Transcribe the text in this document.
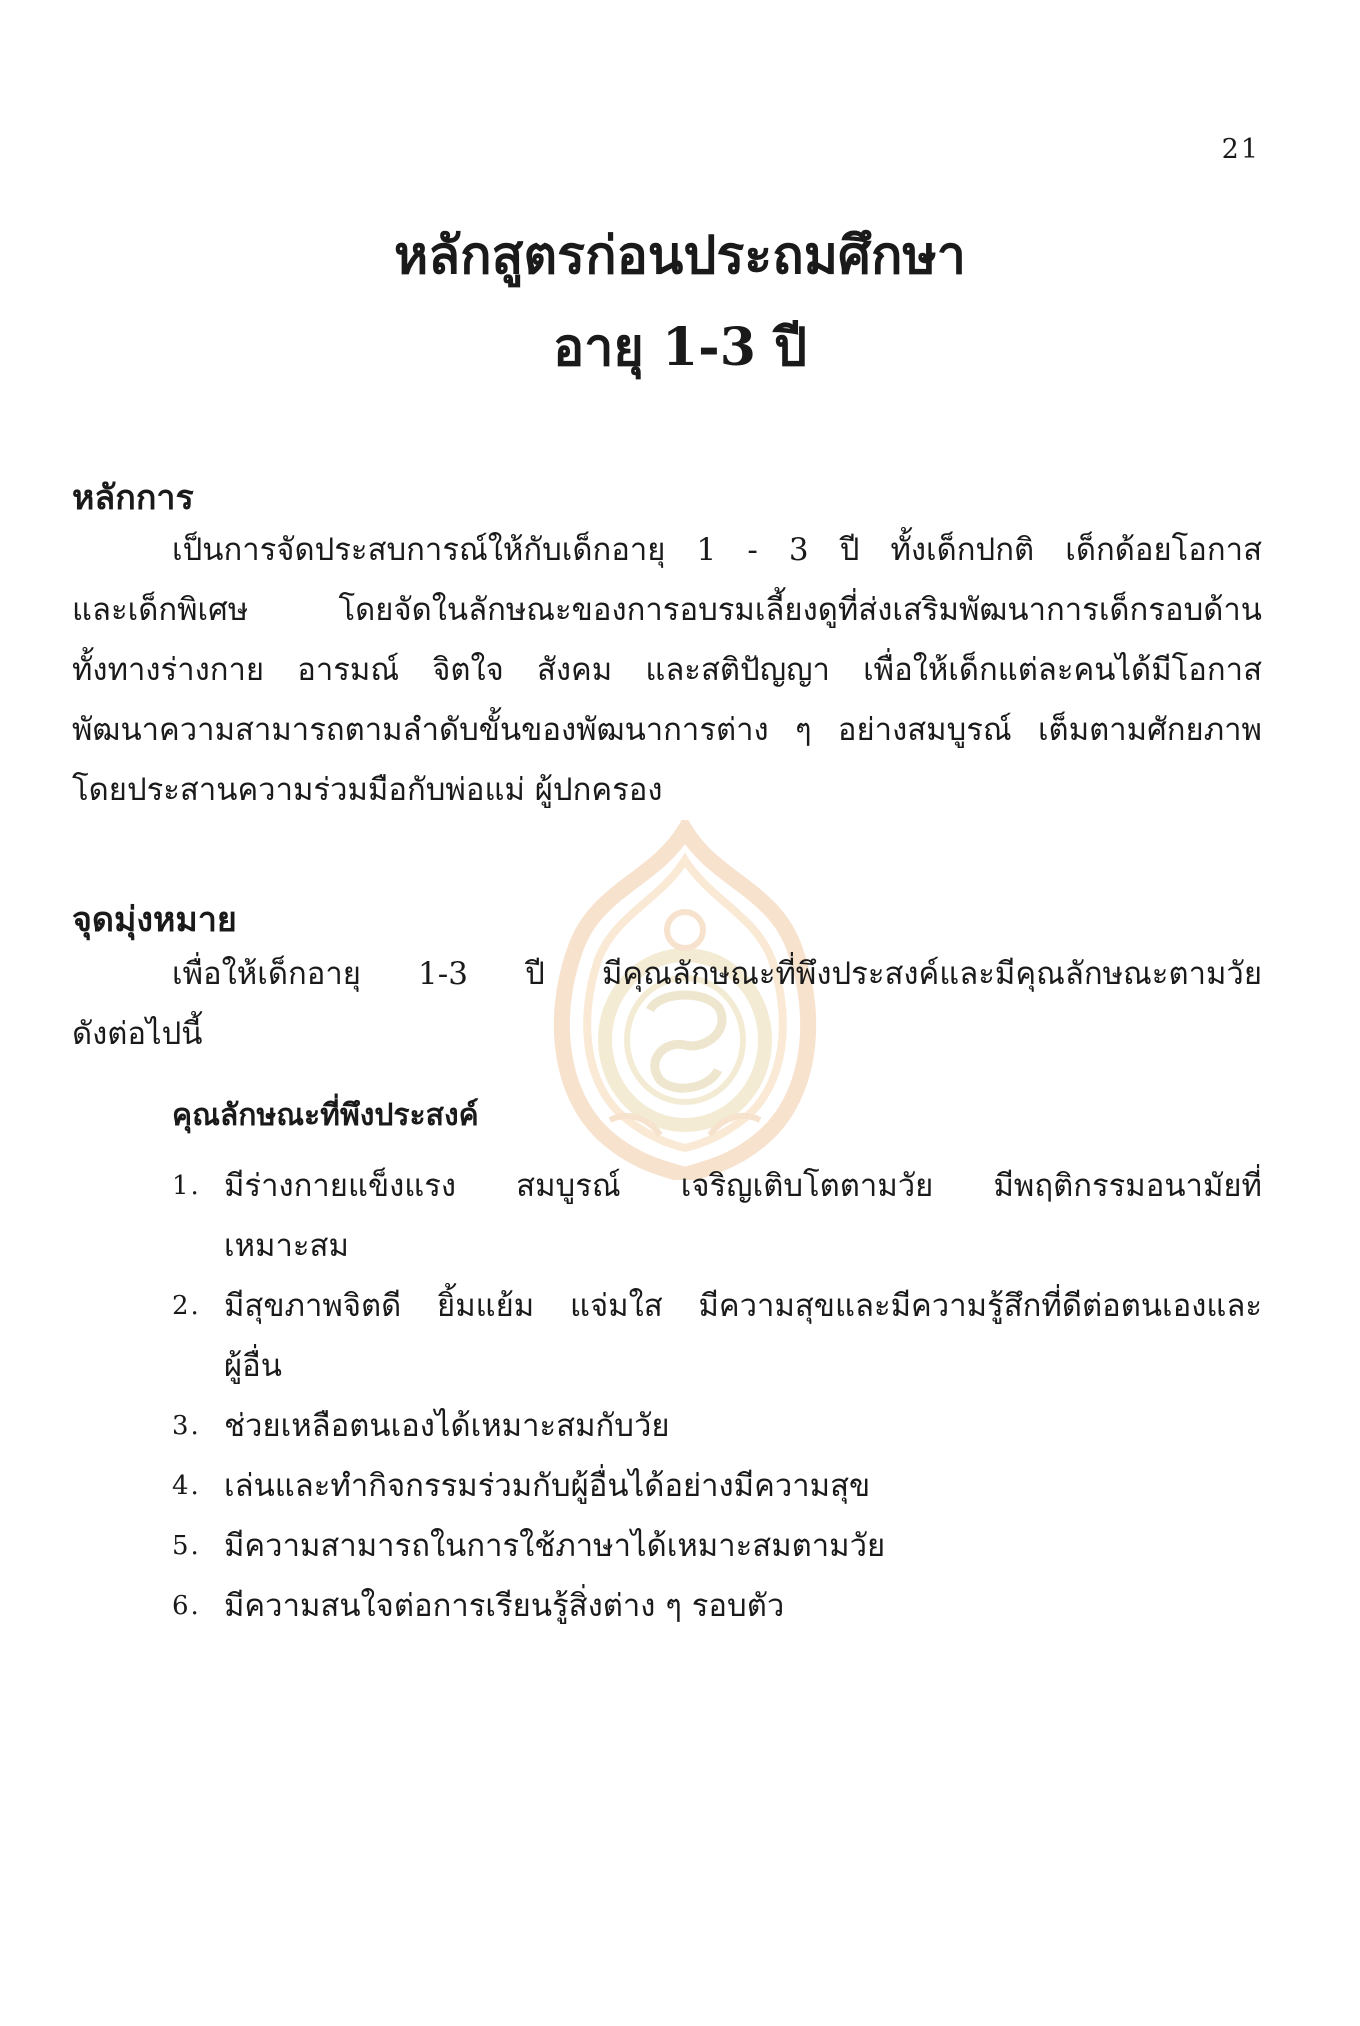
21
หลักสูตรก่อนประถมศึกษา
อายุ 1-3 ปี
หลักการ
เป็นการจัดประสบการณ์ให้กับเด็กอายุ 1 - 3 ปี ทั้งเด็กปกติ เด็กด้อยโอกาส
และเด็กพิเศษ โดยจัดในลักษณะของการอบรมเลี้ยงดูที่ส่งเสริมพัฒนาการเด็กรอบด้าน
ทั้งทางร่างกาย อารมณ์ จิตใจ สังคม และสติปัญญา เพื่อให้เด็กแต่ละคนได้มีโอกาส
พัฒนาความสามารถตามลำดับขั้นของพัฒนาการต่าง ๆ อย่างสมบูรณ์ เต็มตามศักยภาพ
โดยประสานความร่วมมือกับพ่อแม่ ผู้ปกครอง
จุดมุ่งหมาย
เพื่อให้เด็กอายุ 1-3 ปี มีคุณลักษณะที่พึงประสงค์และมีคุณลักษณะตามวัย
ดังต่อไปนี้
คุณลักษณะที่พึงประสงค์
1. มีร่างกายแข็งแรง สมบูรณ์ เจริญเติบโตตามวัย มีพฤติกรรมอนามัยที่
เหมาะสม
2. มีสุขภาพจิตดี ยิ้มแย้ม แจ่มใส มีความสุขและมีความรู้สึกที่ดีต่อตนเองและ
ผู้อื่น
3. ช่วยเหลือตนเองได้เหมาะสมกับวัย
4. เล่นและทำกิจกรรมร่วมกับผู้อื่นได้อย่างมีความสุข
5. มีความสามารถในการใช้ภาษาได้เหมาะสมตามวัย
6. มีความสนใจต่อการเรียนรู้สิ่งต่าง ๆ รอบตัว
